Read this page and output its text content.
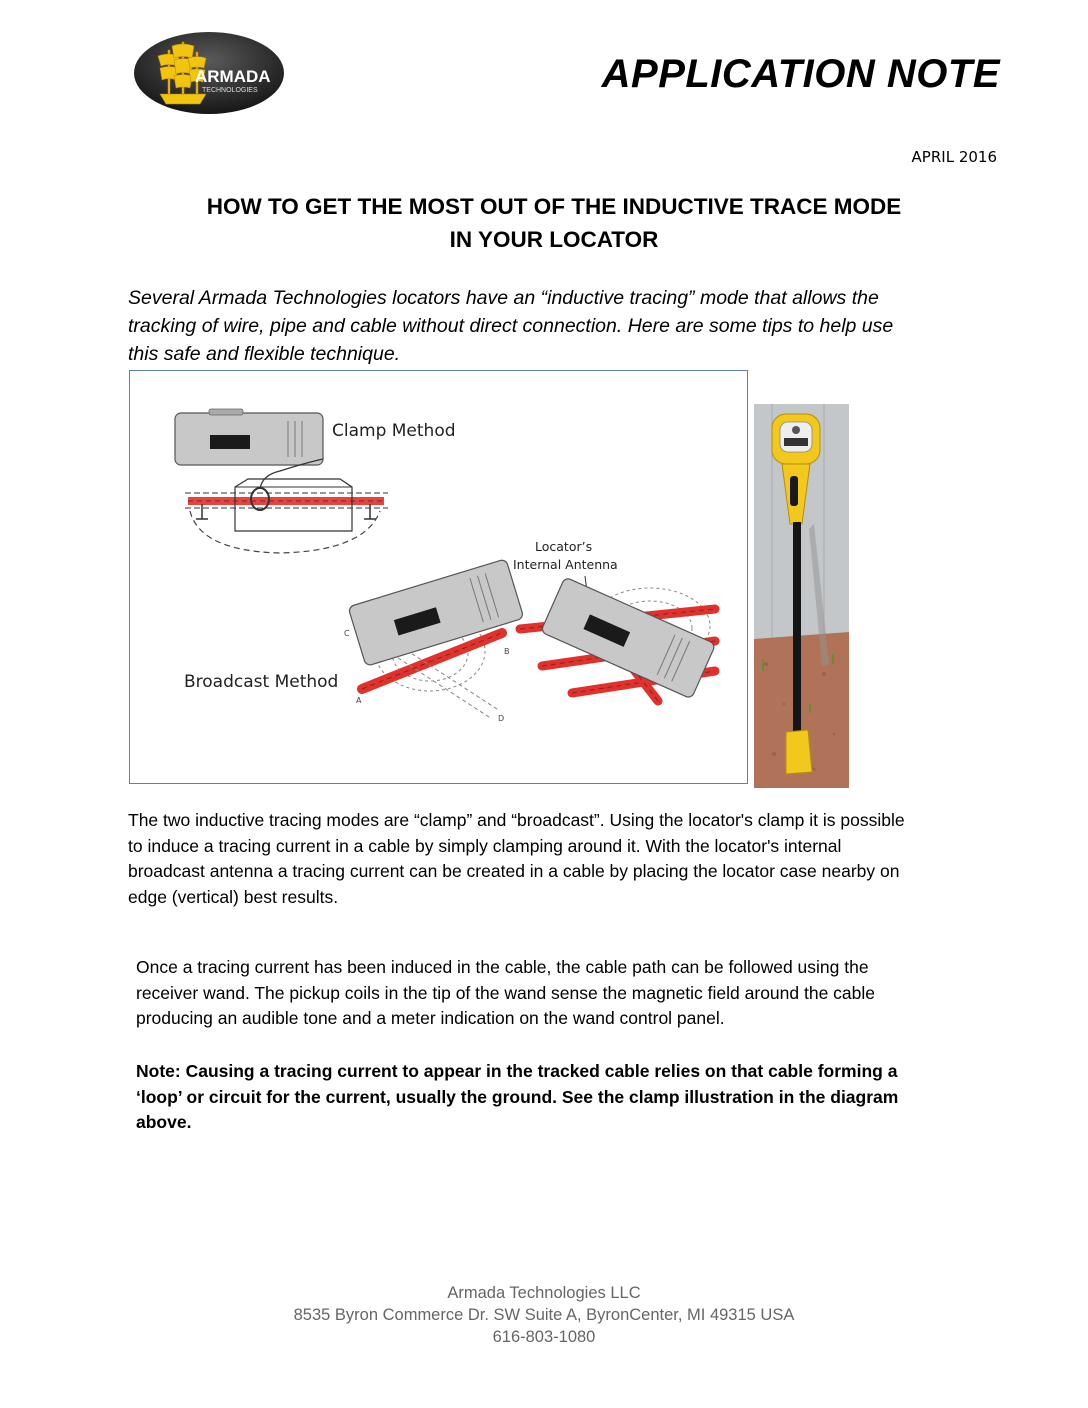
ARMADA
TECHNOLOGIES	APPLICATION NOTE
APRIL 2016
HOW TO GET THE MOST OUT OF THE INDUCTIVE TRACE MODE
IN YOUR LOCATOR
Several Armada Technologies locators have an “inductive tracing” mode that allows the
tracking of wire, pipe and cable without direct connection. Here are some tips to help use
this safe and flexible technique.
Clamp Method
Locator’s
Internal Antenna
C
A
B
D
Broadcast Method
The two inductive tracing modes are “clamp” and “broadcast”. Using the locator's clamp it is possible
to induce a tracing current in a cable by simply clamping around it. With the locator's internal
broadcast antenna a tracing current can be created in a cable by placing the locator case nearby on
edge (vertical) best results.
Once a tracing current has been induced in the cable, the cable path can be followed using the
receiver wand. The pickup coils in the tip of the wand sense the magnetic field around the cable
producing an audible tone and a meter indication on the wand control panel.
Note: Causing a tracing current to appear in the tracked cable relies on that cable forming a
‘loop’ or circuit for the current, usually the ground. See the clamp illustration in the diagram
above.
Armada Technologies LLC
8535 Byron Commerce Dr. SW Suite A, ByronCenter, MI 49315 USA
616-803-1080
